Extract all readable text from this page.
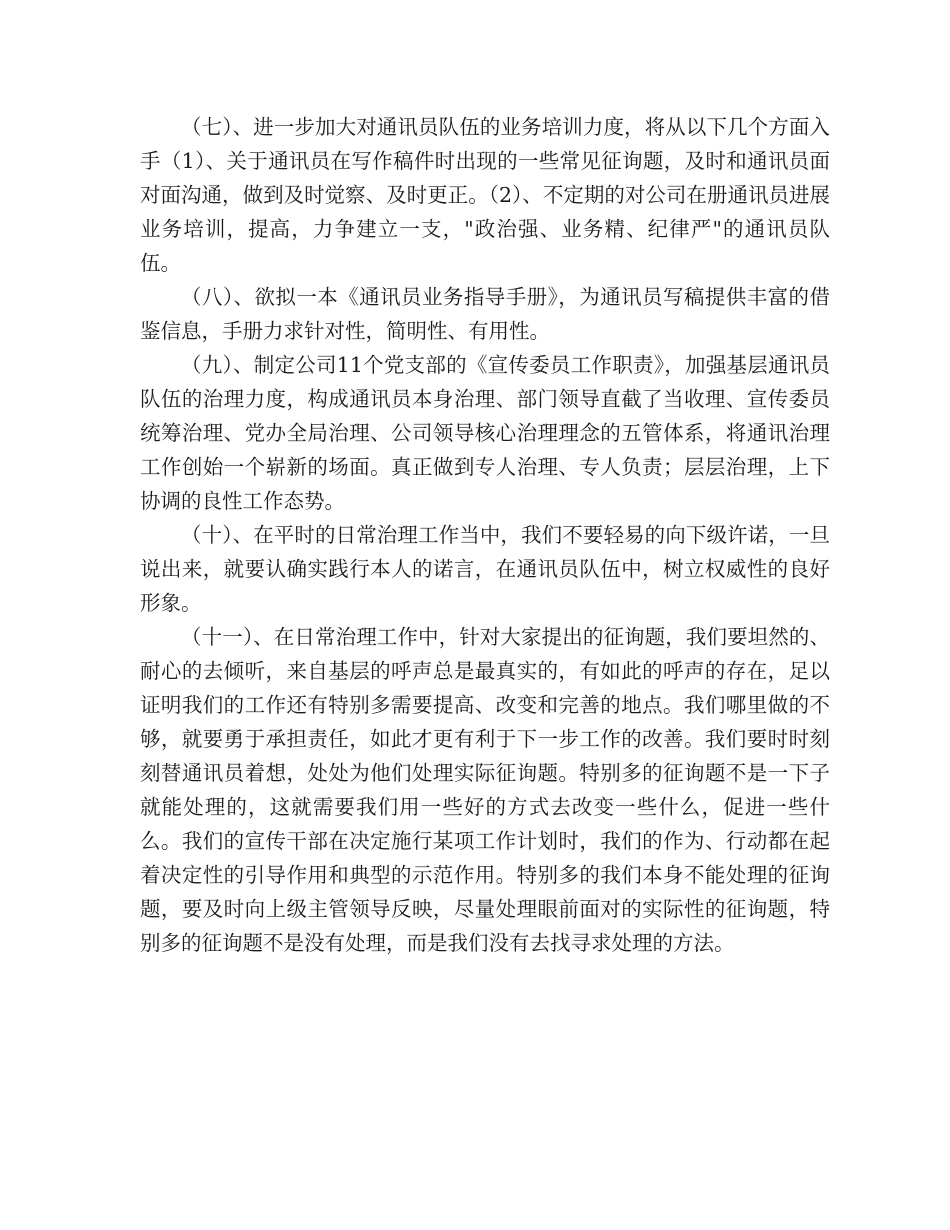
（七）、进一步加大对通讯员队伍的业务培训力度，将从以下几个方面入手（1）、关于通讯员在写作稿件时出现的一些常见征询题，及时和通讯员面对面沟通，做到及时觉察、及时更正。（2）、不定期的对公司在册通讯员进展业务培训，提高，力争建立一支，"政治强、业务精、纪律严"的通讯员队伍。

（八）、欲拟一本《通讯员业务指导手册》，为通讯员写稿提供丰富的借鉴信息，手册力求针对性，简明性、有用性。

（九）、制定公司11个党支部的《宣传委员工作职责》，加强基层通讯员队伍的治理力度，构成通讯员本身治理、部门领导直截了当收理、宣传委员统筹治理、党办全局治理、公司领导核心治理理念的五管体系，将通讯治理工作创始一个崭新的场面。真正做到专人治理、专人负责；层层治理，上下协调的良性工作态势。

（十）、在平时的日常治理工作当中，我们不要轻易的向下级许诺，一旦说出来，就要认确实践行本人的诺言，在通讯员队伍中，树立权威性的良好形象。

（十一）、在日常治理工作中，针对大家提出的征询题，我们要坦然的、耐心的去倾听，来自基层的呼声总是最真实的，有如此的呼声的存在，足以证明我们的工作还有特别多需要提高、改变和完善的地点。我们哪里做的不够，就要勇于承担责任，如此才更有利于下一步工作的改善。我们要时时刻刻替通讯员着想，处处为他们处理实际征询题。特别多的征询题不是一下子就能处理的，这就需要我们用一些好的方式去改变一些什么，促进一些什么。我们的宣传干部在决定施行某项工作计划时，我们的作为、行动都在起着决定性的引导作用和典型的示范作用。特别多的我们本身不能处理的征询题，要及时向上级主管领导反映，尽量处理眼前面对的实际性的征询题，特别多的征询题不是没有处理，而是我们没有去找寻求处理的方法。
